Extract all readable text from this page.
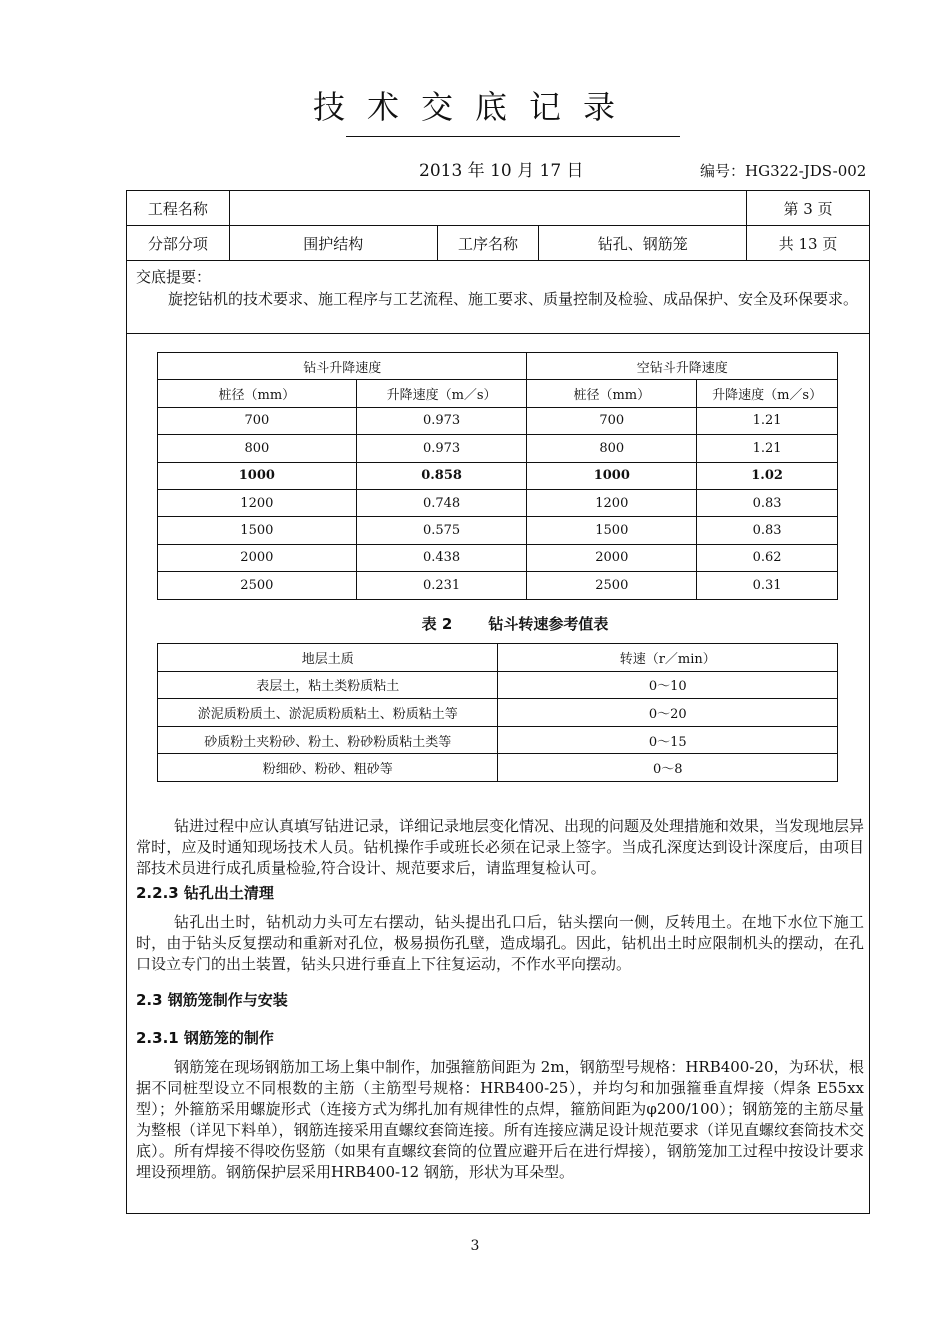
技术交底记录
2013 年 10 月 17 日	编号：HG322-JDS-002
工程名称				第 3 页
分部分项	围护结构	工序名称	钻孔、钢筋笼	共 13 页
交底提要：
旋挖钻机的技术要求、施工程序与工艺流程、施工要求、质量控制及检验、成品保护、安全及环保要求。
钻斗升降速度		空钻斗升降速度	
桩径（mm）	升降速度（m／s）	桩径（mm）	升降速度（m／s）
700	0.973	700	1.21
800	0.973	800	1.21
1000	0.858	1000	1.02
1200	0.748	1200	0.83
1500	0.575	1500	0.83
2000	0.438	2000	0.62
2500	0.231	2500	0.31
表 2 钻斗转速参考值表
地层土质	转速（r／min）
表层土，粘土类粉质粘土	0～10
淤泥质粉质土、淤泥质粉质粘土、粉质粘土等	0～20
砂质粉土夹粉砂、粉土、粉砂粉质粘土类等	0～15
粉细砂、粉砂、粗砂等	0～8
钻进过程中应认真填写钻进记录，详细记录地层变化情况、出现的问题及处理措施和效果，当发现地层异常时，应及时通知现场技术人员。钻机操作手或班长必须在记录上签字。当成孔深度达到设计深度后，由项目部技术员进行成孔质量检验,符合设计、规范要求后，请监理复检认可。
2.2.3 钻孔出土清理
钻孔出土时，钻机动力头可左右摆动，钻头提出孔口后，钻头摆向一侧，反转甩土。在地下水位下施工时，由于钻头反复摆动和重新对孔位，极易损伤孔壁，造成塌孔。因此，钻机出土时应限制机头的摆动，在孔口设立专门的出土装置，钻头只进行垂直上下往复运动，不作水平向摆动。
2.3 钢筋笼制作与安装
2.3.1 钢筋笼的制作
钢筋笼在现场钢筋加工场上集中制作，加强箍筋间距为 2m，钢筋型号规格：HRB400-20，为环状，根据不同桩型设立不同根数的主筋（主筋型号规格：HRB400-25），并均匀和加强箍垂直焊接（焊条 E55xx 型）；外箍筋采用螺旋形式（连接方式为绑扎加有规律性的点焊，箍筋间距为φ200/100）；钢筋笼的主筋尽量为整根（详见下料单），钢筋连接采用直螺纹套筒连接。所有连接应满足设计规范要求（详见直螺纹套筒技术交底）。所有焊接不得咬伤竖筋（如果有直螺纹套筒的位置应避开后在进行焊接），钢筋笼加工过程中按设计要求埋设预埋筋。钢筋保护层采用HRB400-12 钢筋，形状为耳朵型。
3
